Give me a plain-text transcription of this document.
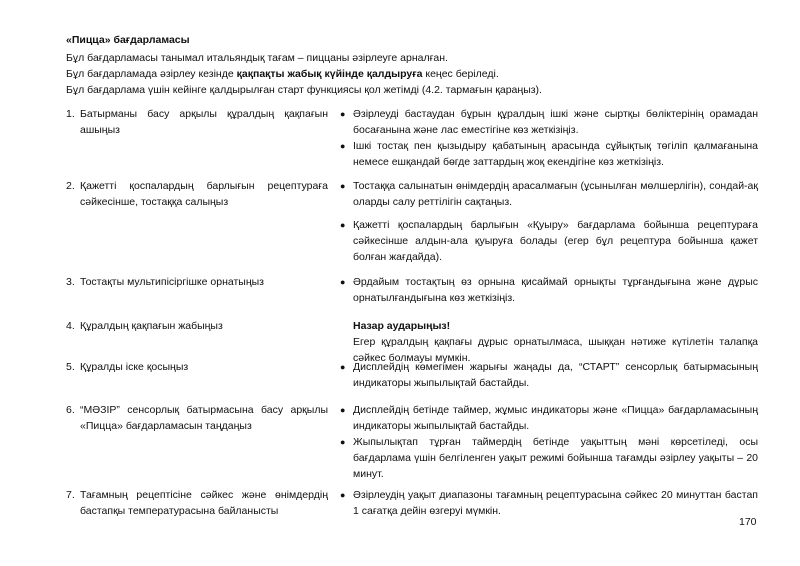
«Пицца» бағдарламасы
Бұл бағдарламасы танымал итальяндық тағам – пиццаны әзірлеуге арналған.
Бұл бағдарламада әзірлеу кезінде қақпақты жабық күйінде қалдыруға кеңес беріледі.
Бұл бағдарлама үшін кейінге қалдырылған старт функциясы қол жетімді (4.2. тармағын қараңыз).
1. Батырманы басу арқылы құралдың қақпағын ашыңыз
2. Қажетті қоспалардың барлығын рецептураға сәйкесінше, тостаққа салыңыз
3. Тостақты мультипісіргішке орнатыңыз
4. Құралдың қақпағын жабыңыз
5. Құралды іске қосыңыз
6. “МӘЗІР” сенсорлық батырмасына басу арқылы «Пицца» бағдарламасын таңдаңыз
7. Тағамның рецептісіне сәйкес және өнімдердің бастапқы температурасына байланысты
● Әзірлеуді бастаудан бұрын құралдың ішкі және сыртқы бөліктерінің орамадан босағанына және лас еместігіне көз жеткізіңіз.
● Ішкі тостақ пен қызыдыру қабатының арасында сұйықтық төгіліп қалмағанына немесе ешқандай бөгде заттардың жоқ екендігіне көз жеткізіңіз.
● Тостаққа салынатын өнімдердің арасалмағын (ұсынылған мөлшерлігін), сондай-ақ оларды салу реттілігін сақтаңыз.
● Қажетті қоспалардың барлығын «Қуыру» бағдарлама бойынша рецептураға сәйкесінше алдын-ала қуыруға болады (егер бұл рецептура бойынша қажет болған жағдайда).
● Әрдайым тостақтың өз орнына қисаймай орнықты тұрғандығына және дұрыс орнатылғандығына көз жеткізіңіз.
Назар аударыңыз!
Егер құралдың қақпағы дұрыс орнатылмаса, шыққан нәтиже күтілетін талапқа сәйкес болмауы мүмкін.
● Дисплейдің көмегімен жарығы жаңады да, “СТАРТ” сенсорлық батырмасының индикаторы жыпылықтай бастайды.
● Дисплейдің бетінде таймер, жұмыс индикаторы және «Пицца» бағдарламасының индикаторы жыпылықтай бастайды.
● Жыпылықтап тұрған таймердің бетінде уақыттың мәні көрсетіледі, осы бағдарлама үшін белгіленген уақыт режимі бойынша тағамды әзірлеу уақыты – 20 минут.
● Әзірлеудің уақыт диапазоны тағамның рецептурасына сәйкес 20 минуттан бастап 1 сағатқа дейін өзгеруі мүмкін.
170
